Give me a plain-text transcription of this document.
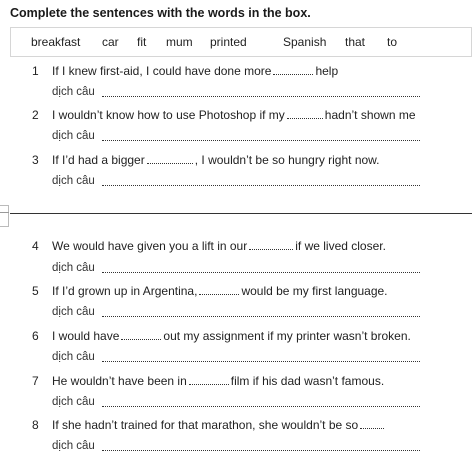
Complete the sentences with the words in the box.
breakfast car fit mum printed	Spanish that to
1 If I knew first-aid, I could have done more	help
dịch câu
2 I wouldn’t know how to use Photoshop if my	hadn’t shown me
dịch câu
3 If I’d had a bigger	, I wouldn’t be so hungry right now.
dịch câu
4 We would have given you a lift in our	if we lived closer.
dịch câu
5 If I’d grown up in Argentina,	would be my first language.
dịch câu
6 I would have	out my assignment if my printer wasn’t broken.
dịch câu
7 He wouldn’t have been in	film if his dad wasn’t famous.
dịch câu
8 If she hadn’t trained for that marathon, she wouldn’t be so
dịch câu
